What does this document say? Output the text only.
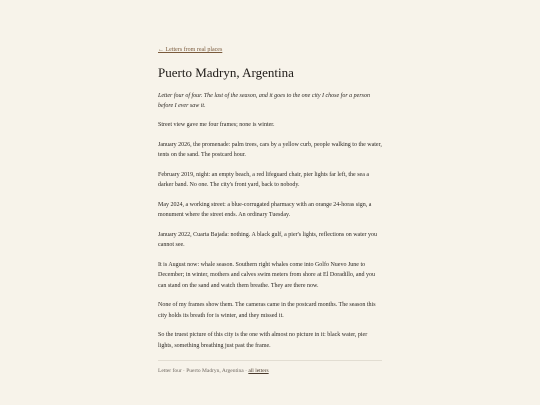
← Letters from real places
Puerto Madryn, Argentina

Letter four of four. The last of the season, and it goes to the one city I chose for a person before I ever saw it.

Street view gave me four frames; none is winter.

January 2026, the promenade: palm trees, cars by a yellow curb, people walking to the water, tents on the sand. The postcard hour.

February 2019, night: an empty beach, a red lifeguard chair, pier lights far left, the sea a darker band. No one. The city's front yard, back to nobody.

May 2024, a working street: a blue-corrugated pharmacy with an orange 24-horas sign, a monument where the street ends. An ordinary Tuesday.

January 2022, Cuarta Bajada: nothing. A black gulf, a pier's lights, reflections on water you cannot see.

It is August now: whale season. Southern right whales come into Golfo Nuevo June to December; in winter, mothers and calves swim meters from shore at El Doradillo, and you can stand on the sand and watch them breathe. They are there now.

None of my frames show them. The cameras came in the postcard months. The season this city holds its breath for is winter, and they missed it.

So the truest picture of this city is the one with almost no picture in it: black water, pier lights, something breathing just past the frame.

Letter four · Puerto Madryn, Argentina · all letters
